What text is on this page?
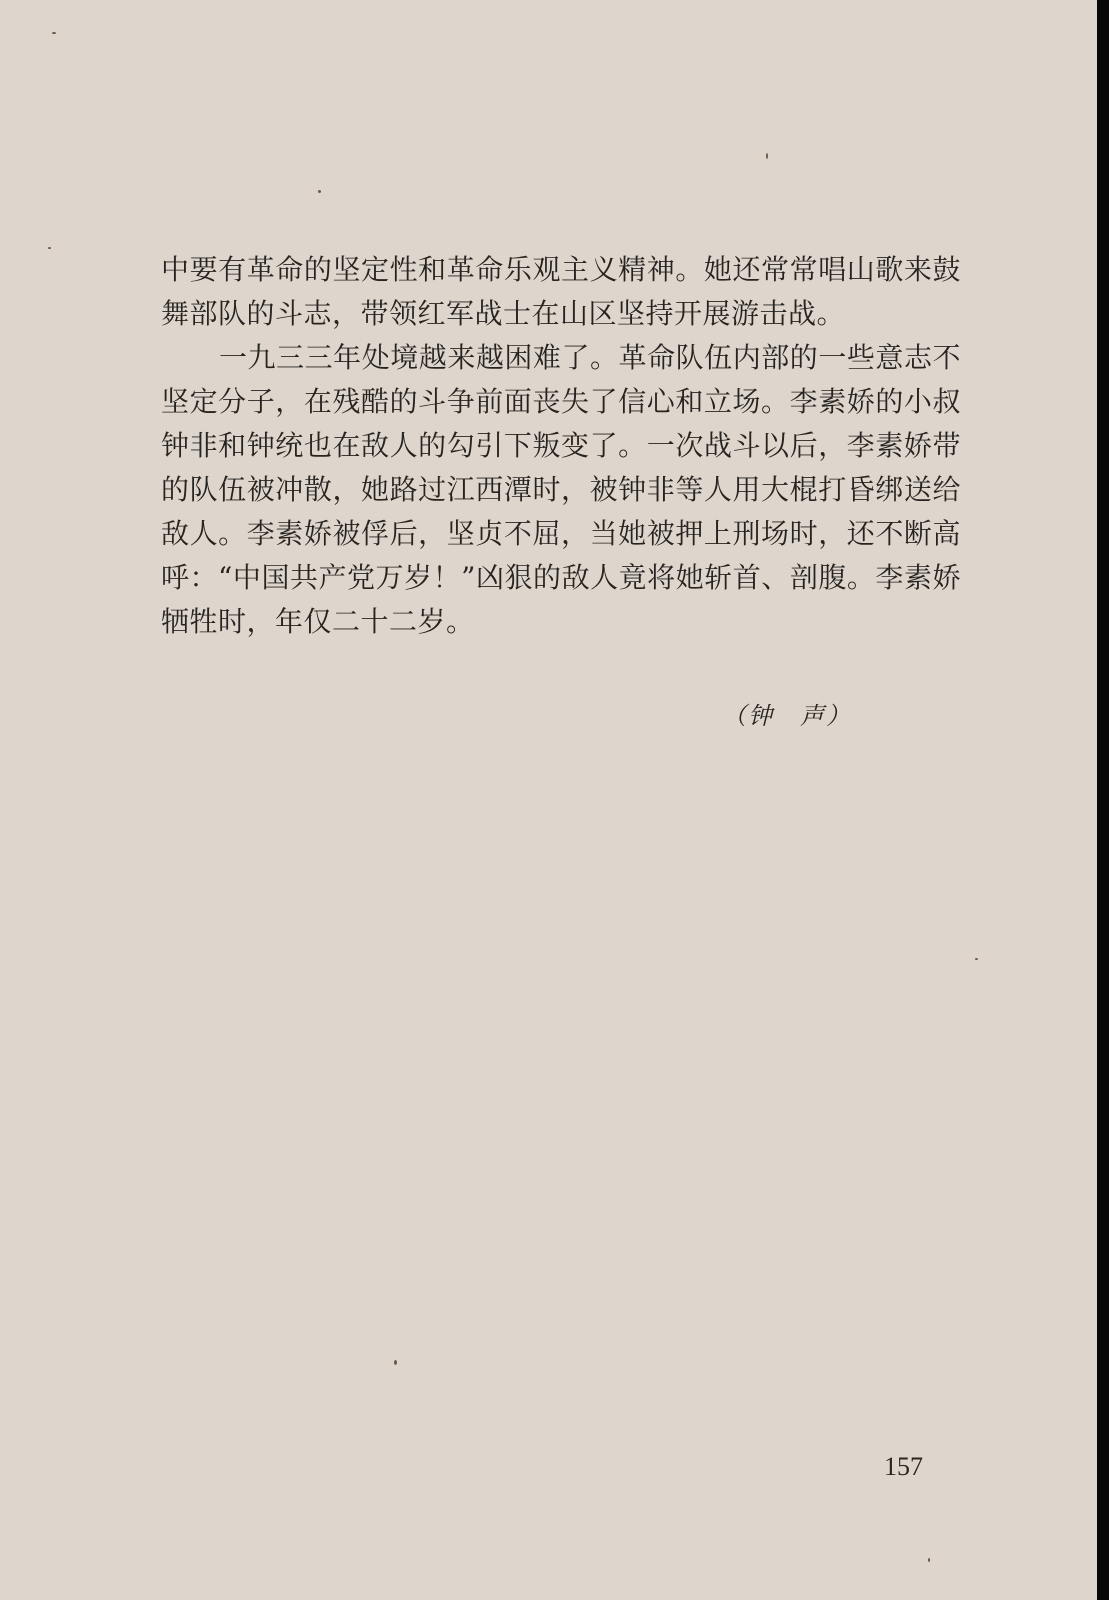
中要有革命的坚定性和革命乐观主义精神。她还常常唱山歌来鼓舞部队的斗志，带领红军战士在山区坚持开展游击战。

一九三三年处境越来越困难了。革命队伍内部的一些意志不坚定分子，在残酷的斗争前面丧失了信心和立场。李素娇的小叔钟非和钟统也在敌人的勾引下叛变了。一次战斗以后，李素娇带的队伍被冲散，她路过江西潭时，被钟非等人用大棍打昏绑送给敌人。李素娇被俘后，坚贞不屈，当她被押上刑场时，还不断高呼：“中国共产党万岁！”凶狠的敌人竟将她斩首、剖腹。李素娇牺牲时，年仅二十二岁。

（钟　声）
157
